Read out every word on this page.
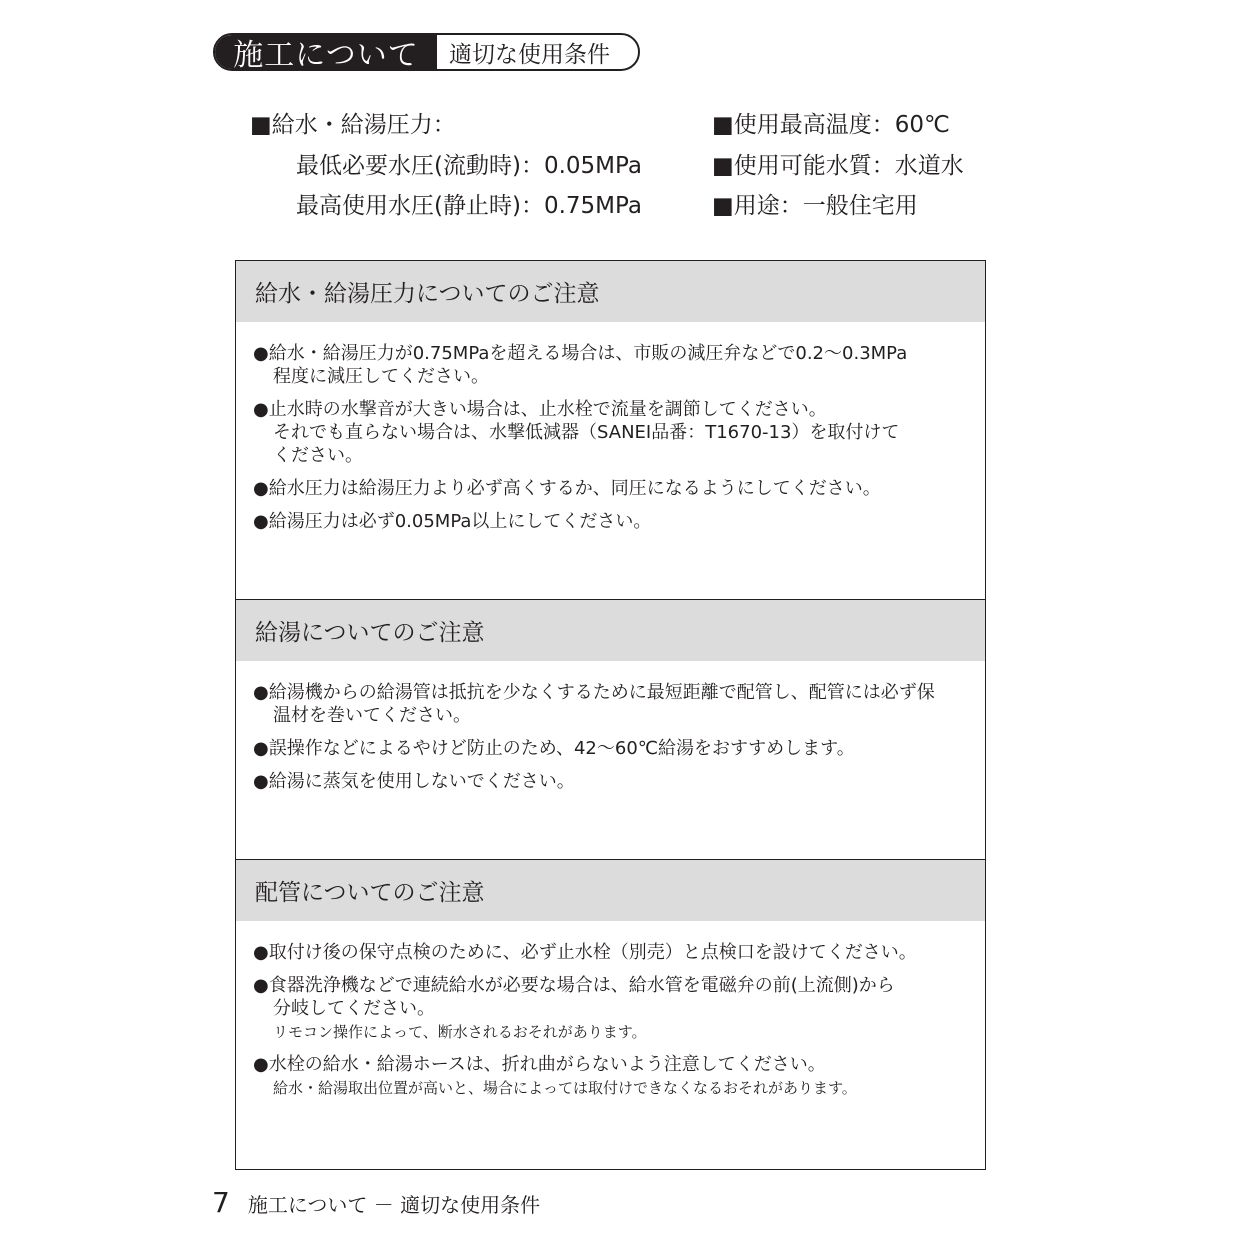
施工について	適切な使用条件
■給水・給湯圧力：
最低必要水圧(流動時)：0.05MPa
最高使用水圧(静止時)：0.75MPa
■使用最高温度：60℃
■使用可能水質：水道水
■用途：一般住宅用
給水・給湯圧力についてのご注意
●給水・給湯圧力が0.75MPaを超える場合は、市販の減圧弁などで0.2〜0.3MPa
程度に減圧してください。
●止水時の水撃音が大きい場合は、止水栓で流量を調節してください。
それでも直らない場合は、水撃低減器（SANEI品番：T1670-13）を取付けて
ください。
●給水圧力は給湯圧力より必ず高くするか、同圧になるようにしてください。
●給湯圧力は必ず0.05MPa以上にしてください。
給湯についてのご注意
●給湯機からの給湯管は抵抗を少なくするために最短距離で配管し、配管には必ず保
温材を巻いてください。
●誤操作などによるやけど防止のため、42〜60℃給湯をおすすめします。
●給湯に蒸気を使用しないでください。
配管についてのご注意
●取付け後の保守点検のために、必ず止水栓（別売）と点検口を設けてください。
●食器洗浄機などで連続給水が必要な場合は、給水管を電磁弁の前(上流側)から
分岐してください。
リモコン操作によって、断水されるおそれがあります。
●水栓の給水・給湯ホースは、折れ曲がらないよう注意してください。
給水・給湯取出位置が高いと、場合によっては取付けできなくなるおそれがあります。
7 施工について － 適切な使用条件
